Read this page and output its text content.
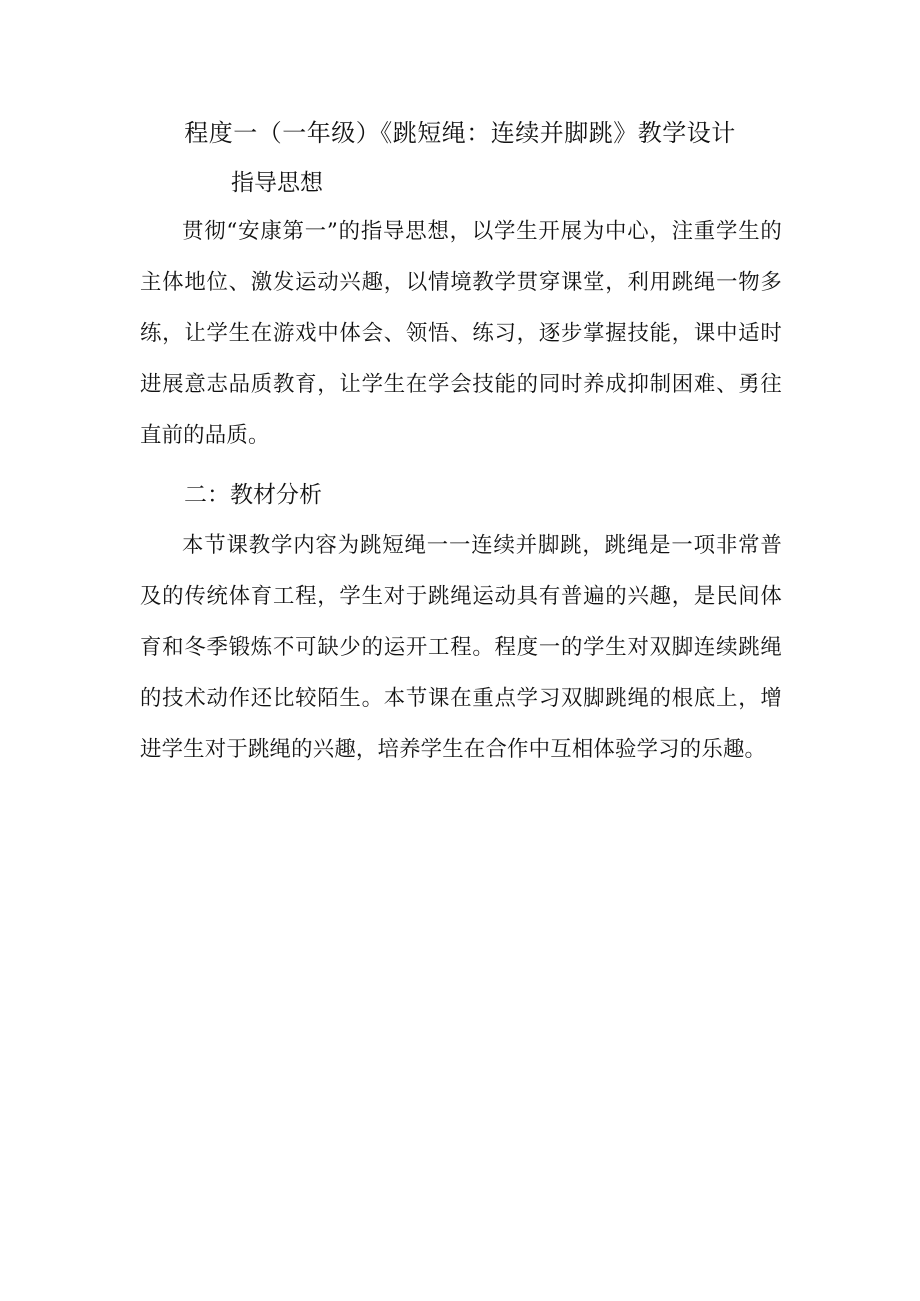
程度一（一年级）《跳短绳：连续并脚跳》教学设计
指导思想

贯彻“安康第一”的指导思想，以学生开展为中心，注重学生的主体地位、激发运动兴趣，以情境教学贯穿课堂，利用跳绳一物多练，让学生在游戏中体会、领悟、练习，逐步掌握技能，课中适时进展意志品质教育，让学生在学会技能的同时养成抑制困难、勇往直前的品质。

二：教材分析

本节课教学内容为跳短绳一一连续并脚跳，跳绳是一项非常普及的传统体育工程，学生对于跳绳运动具有普遍的兴趣，是民间体育和冬季锻炼不可缺少的运开工程。程度一的学生对双脚连续跳绳的技术动作还比较陌生。本节课在重点学习双脚跳绳的根底上，增进学生对于跳绳的兴趣，培养学生在合作中互相体验学习的乐趣。
